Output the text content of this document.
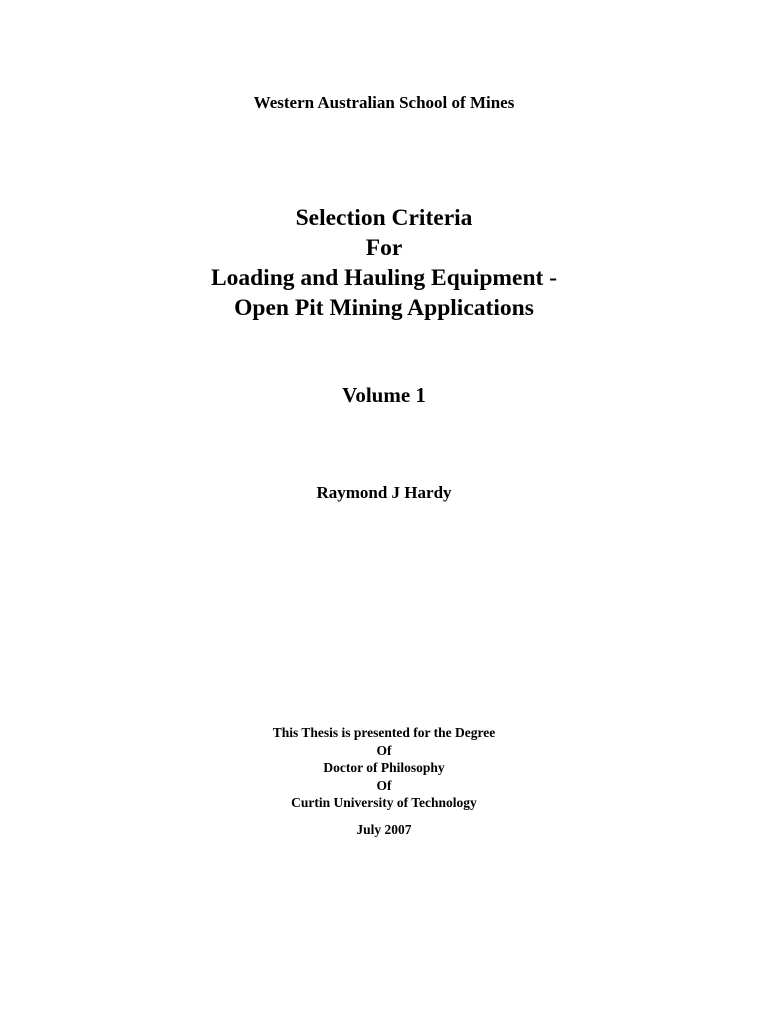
Western Australian School of Mines
Selection Criteria
For
Loading and Hauling Equipment -
Open Pit Mining Applications
Volume 1
Raymond J Hardy
This Thesis is presented for the Degree
Of
Doctor of Philosophy
Of
Curtin University of Technology
July 2007
